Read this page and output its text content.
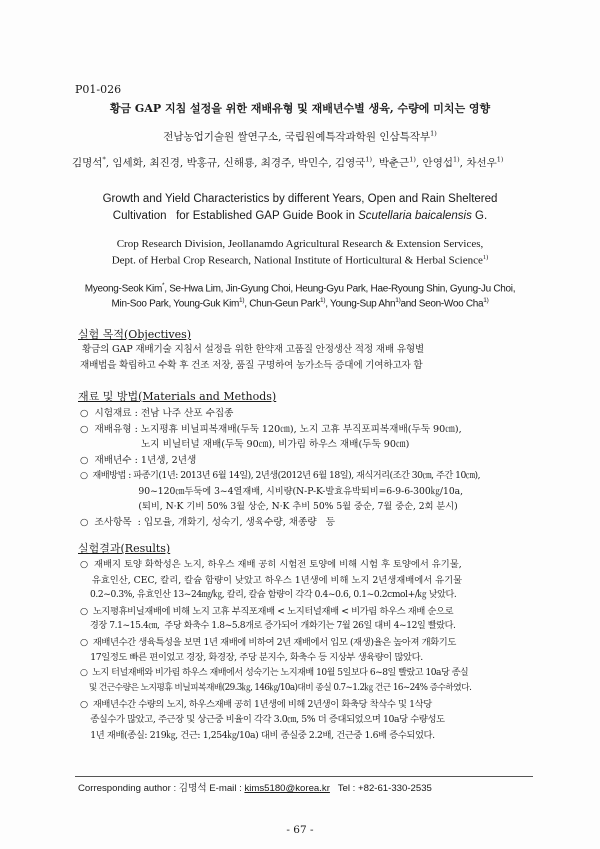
P01-026
황금 GAP 지침 설정을 위한 재배유형 및 재배년수별 생육, 수량에 미치는 영향
전남농업기술원 쌀연구소, 국립원예특작과학원 인삼특작부$^{1)}$
김명석*, 임세화, 최진경, 박홍규, 신해룡, 최경주, 박민수, 김영국$^{1)}$, 박춘근$^{1)}$, 안영섭$^{1)}$, 차선우$^{1)}$
Growth and Yield Characteristics by different Years, Open and Rain Sheltered
Cultivation   for Established GAP Guide Book in Scutellaria baicalensis G.
Crop Research Division, Jeollanamdo Agricultural Research & Extension Services,
Dept. of Herbal Crop Research, National Institute of Horticultural & Herbal Science$^{1)}$
Myeong-Seok Kim*, Se-Hwa Lim, Jin-Gyung Choi, Heung-Gyu Park, Hae-Ryoung Shin, Gyung-Ju Choi,
Min-Soo Park, Young-Guk Kim$^{1)}$, Chun-Geun Park$^{1)}$, Young-Sup Ahn$^{1)}$and Seon-Woo Cha$^{1)}$
실험 목적(Objectives)
황금의 GAP 재배기술 지침서 설정을 위한 한약재 고품질 안정생산 적정 재배 유형별
재배법을 확립하고 수확 후 건조 저장, 품질 구명하여 농가소득 증대에 기여하고자 함
재료 및 방법(Materials and Methods)
○  시험재료 : 전남 나주 산포 수집종
○  재배유형 : 노지평휴 비닐피복재배(두둑 120㎝), 노지 고휴 부직포피복재배(두둑 90㎝),
노지 비닐터널 재배(두둑 90㎝), 비가림 하우스 재배(두둑 90㎝)
○  재배년수 : 1년생, 2년생
○  재배방법 : 파종기(1년: 2013년 6월 14일), 2년생(2012년 6월 18일), 재식거리(조간 30㎝, 주간 10㎝),
90~120㎝두둑에 3~4열재배, 시비량(N-P-K-발효유박퇴비=6-9-6-300㎏/10a,
(퇴비, N·K 기비 50% 3월 상순, N·K 추비 50% 5월 중순, 7월 중순, 2회 분시)
○  조사항목  : 입모율, 개화기, 성숙기, 생육수량, 채종량   등
실험결과(Results)
○  재배지 토양 화학성은 노지, 하우스 재배 공히 시험전 토양에 비해 시험 후 토양에서 유기물,
유효인산, CEC, 칼리, 칼슘 함량이 낮았고 하우스 1년생에 비해 노지 2년생재배에서 유기물
0.2~0.3%, 유효인산 13~24㎎/㎏, 칼리, 칼슘 함량이 각각 0.4~0.6, 0.1~0.2cmol+/㎏ 낮았다.
○  노지평휴비닐재배에 비해 노지 고휴 부직포재배 < 노지터널재배 < 비가림 하우스 재배 순으로
경장 7.1~15.4㎝,  주당 화축수 1.8~5.8개로 증가되어 개화기는 7월 26일 대비 4~12일 빨랐다.
○  재배년수간 생육특성을 보면 1년 재배에 비하여 2년 재배에서 입모 (재생)율은 높아져 개화기도
17일정도 빠른 편이었고 경장, 화경장, 주당 분지수, 화축수 등 지상부 생육량이 많았다.
○  노지 터널재배와 비가림 하우스 재배에서 성숙기는 노지재배 10월 5일보다 6~8일 빨랐고 10a당 종실
및 건근수량은 노지평휴 비닐피복재배(29.3㎏, 146㎏/10a)대비 종실 0.7~1.2㎏ 건근 16~24% 증수하였다.
○  재배년수간 수량의 노지, 하우스재배 공히 1년생에 비해 2년생이 화축당 착삭수 및 1삭당
종실수가 많았고, 주근장 및 상근중 비율이 각각 3.0㎝, 5% 더 증대되었으며 10a당 수량성도
1년 재배(종실: 219㎏, 건근: 1,254㎏/10a) 대비 종실중 2.2배, 건근중 1.6배 증수되었다.
Corresponding author : 김명석 E-mail : kims5180@korea.kr   Tel : +82-61-330-2535
- 67 -
